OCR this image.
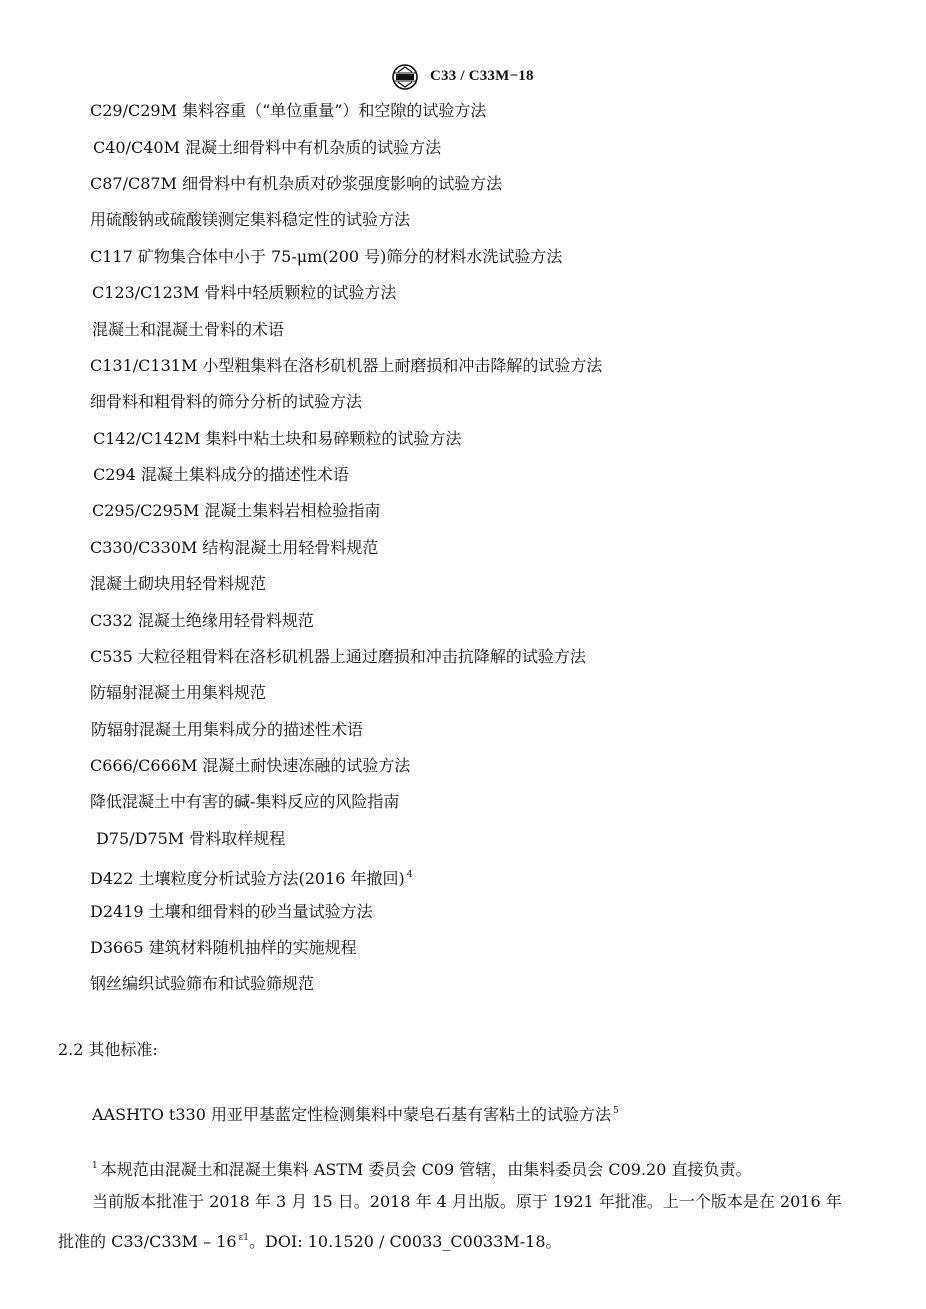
C33 / C33M−18
C29/C29M 集料容重（“单位重量”）和空隙的试验方法
C40/C40M 混凝土细骨料中有机杂质的试验方法
C87/C87M 细骨料中有机杂质对砂浆强度影响的试验方法
用硫酸钠或硫酸镁测定集料稳定性的试验方法
C117 矿物集合体中小于 75-μm(200 号)筛分的材料水洗试验方法
C123/C123M 骨料中轻质颗粒的试验方法
混凝土和混凝土骨料的术语
C131/C131M 小型粗集料在洛杉矶机器上耐磨损和冲击降解的试验方法
细骨料和粗骨料的筛分分析的试验方法
C142/C142M 集料中粘土块和易碎颗粒的试验方法
C294 混凝土集料成分的描述性术语
C295/C295M 混凝土集料岩相检验指南
C330/C330M 结构混凝土用轻骨料规范
混凝土砌块用轻骨料规范
C332 混凝土绝缘用轻骨料规范
C535 大粒径粗骨料在洛杉矶机器上通过磨损和冲击抗降解的试验方法
防辐射混凝土用集料规范
防辐射混凝土用集料成分的描述性术语
C666/C666M 混凝土耐快速冻融的试验方法
降低混凝土中有害的碱-集料反应的风险指南
D75/D75M 骨料取样规程
D422 土壤粒度分析试验方法(2016 年撤回) $^4$
D2419 土壤和细骨料的砂当量试验方法
D3665 建筑材料随机抽样的实施规程
钢丝编织试验筛布和试验筛规范
2.2 其他标准:
AASHTO t330 用亚甲基蓝定性检测集料中蒙皂石基有害粘土的试验方法 $^5$
$^1$ 本规范由混凝土和混凝土集料 ASTM 委员会 C09 管辖，由集料委员会 C09.20 直接负责。
当前版本批准于 2018 年 3 月 15 日。2018 年 4 月出版。原于 1921 年批准。上一个版本是在 2016 年
批准的 C33/C33M – 16 $^{\varepsilon 1}$。DOI: 10.1520 / C0033_C0033M-18。
